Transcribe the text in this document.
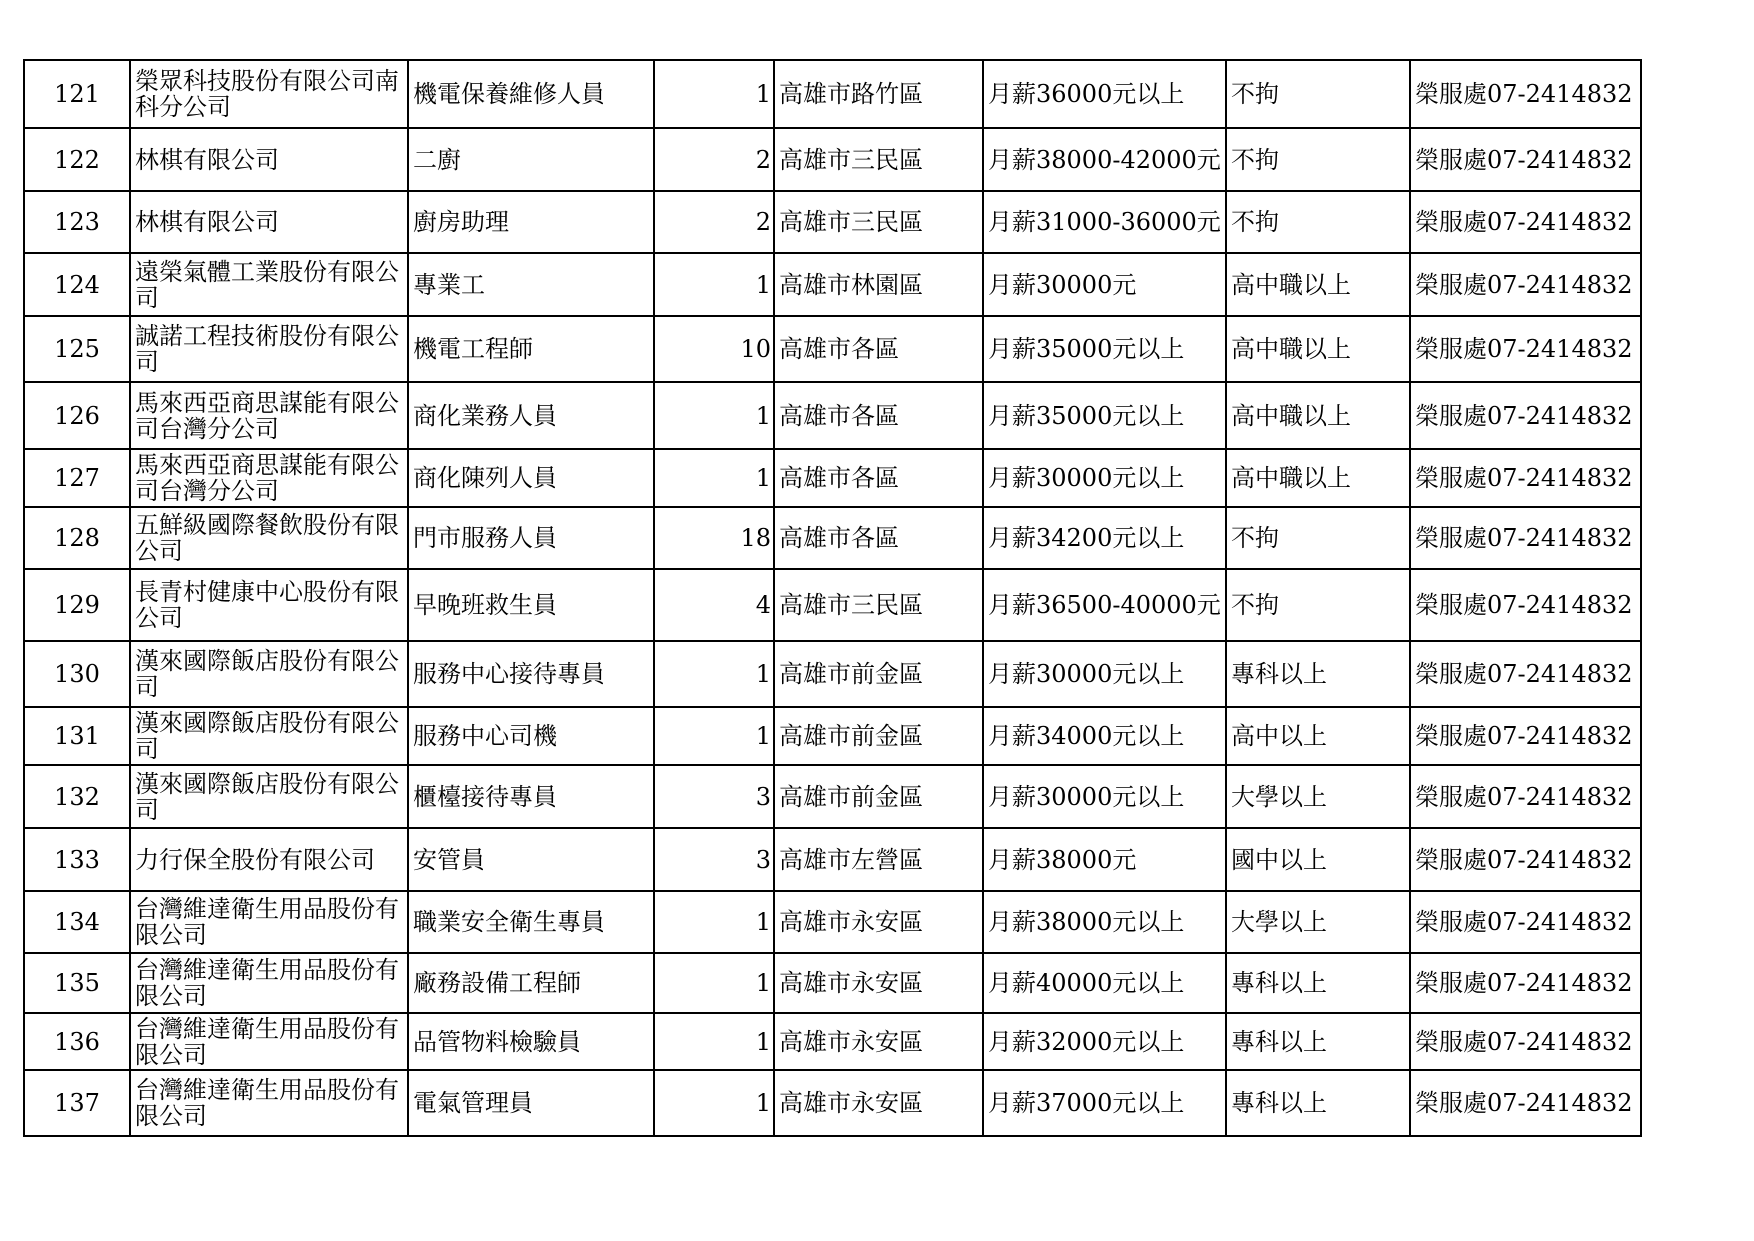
121	榮眾科技股份有限公司南科分公司	機電保養維修人員	1	高雄市路竹區	月薪36000元以上	不拘	榮服處07-2414832
122	林棋有限公司	二廚	2	高雄市三民區	月薪38000-42000元	不拘	榮服處07-2414832
123	林棋有限公司	廚房助理	2	高雄市三民區	月薪31000-36000元	不拘	榮服處07-2414832
124	遠榮氣體工業股份有限公司	專業工	1	高雄市林園區	月薪30000元	高中職以上	榮服處07-2414832
125	誠諾工程技術股份有限公司	機電工程師	10	高雄市各區	月薪35000元以上	高中職以上	榮服處07-2414832
126	馬來西亞商思謀能有限公司台灣分公司	商化業務人員	1	高雄市各區	月薪35000元以上	高中職以上	榮服處07-2414832
127	馬來西亞商思謀能有限公司台灣分公司	商化陳列人員	1	高雄市各區	月薪30000元以上	高中職以上	榮服處07-2414832
128	五鮮級國際餐飲股份有限公司	門市服務人員	18	高雄市各區	月薪34200元以上	不拘	榮服處07-2414832
129	長青村健康中心股份有限公司	早晚班救生員	4	高雄市三民區	月薪36500-40000元	不拘	榮服處07-2414832
130	漢來國際飯店股份有限公司	服務中心接待專員	1	高雄市前金區	月薪30000元以上	專科以上	榮服處07-2414832
131	漢來國際飯店股份有限公司	服務中心司機	1	高雄市前金區	月薪34000元以上	高中以上	榮服處07-2414832
132	漢來國際飯店股份有限公司	櫃檯接待專員	3	高雄市前金區	月薪30000元以上	大學以上	榮服處07-2414832
133	力行保全股份有限公司	安管員	3	高雄市左營區	月薪38000元	國中以上	榮服處07-2414832
134	台灣維達衛生用品股份有限公司	職業安全衛生專員	1	高雄市永安區	月薪38000元以上	大學以上	榮服處07-2414832
135	台灣維達衛生用品股份有限公司	廠務設備工程師	1	高雄市永安區	月薪40000元以上	專科以上	榮服處07-2414832
136	台灣維達衛生用品股份有限公司	品管物料檢驗員	1	高雄市永安區	月薪32000元以上	專科以上	榮服處07-2414832
137	台灣維達衛生用品股份有限公司	電氣管理員	1	高雄市永安區	月薪37000元以上	專科以上	榮服處07-2414832
